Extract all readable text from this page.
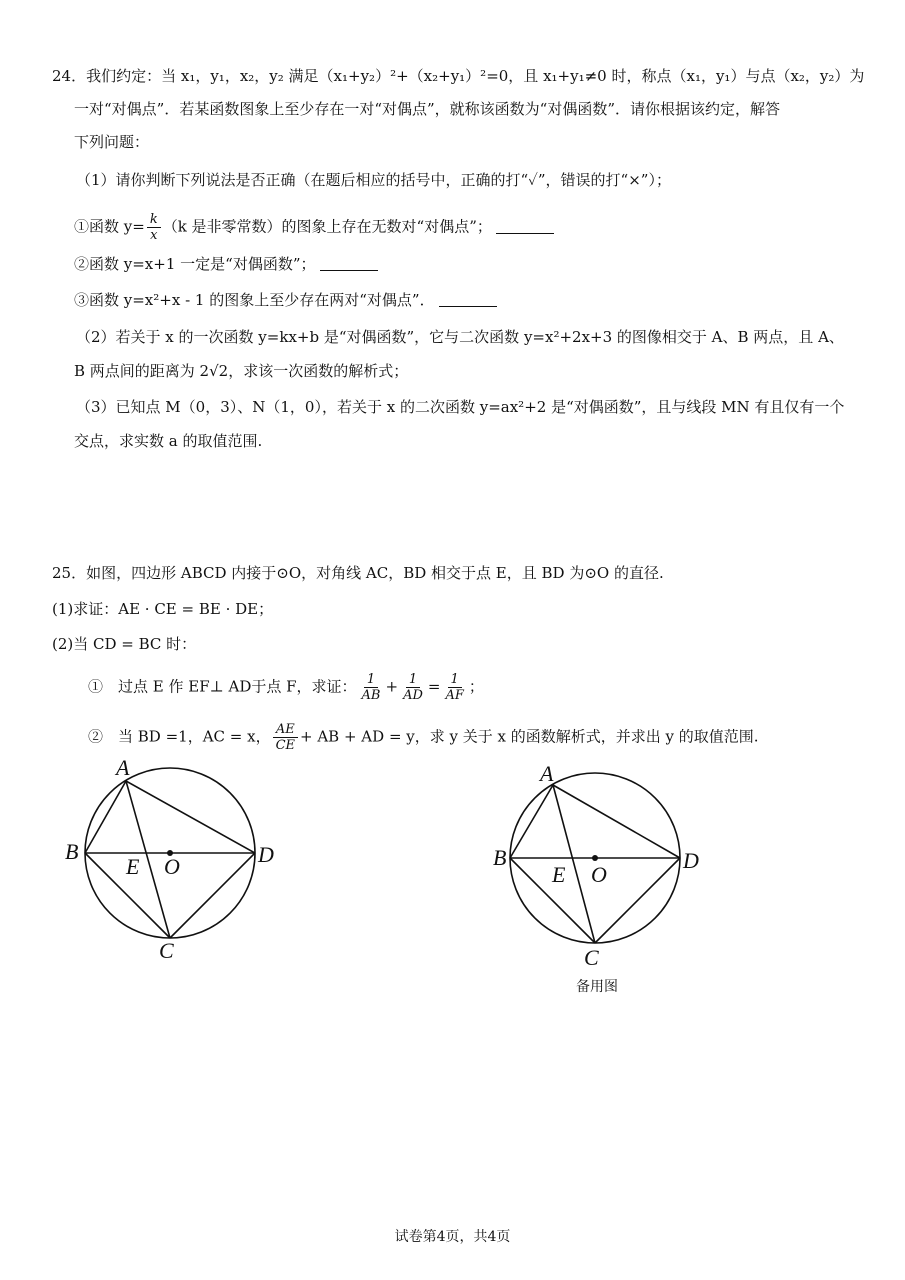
24．我们约定：当 x₁，y₁，x₂，y₂ 满足（x₁+y₂）²+（x₂+y₁）²=0，且 x₁+y₁≠0 时，称点（x₁，y₁）与点（x₂，y₂）为
一对“对偶点”．若某函数图象上至少存在一对“对偶点”，就称该函数为“对偶函数”．请你根据该约定，解答
下列问题：
（1）请你判断下列说法是否正确（在题后相应的括号中，正确的打“✓”，错误的打“×”）；
①函数 $y= \frac{k}{x} (k$ 是非零常数）的图象上存在无数对“对偶点”；
②函数 y=x+1 一定是“对偶函数”；
③函数 y=x²+x - 1 的图象上至少存在两对“对偶点”．
（2）若关于 x 的一次函数 y=kx+b 是“对偶函数”，它与二次函数 y=x²+2x+3 的图像相交于 A、B 两点，且 A、
B 两点间的距离为 2√2，求该一次函数的解析式；
（3）已知点 M（0，3）、N（1，0），若关于 x 的二次函数 y=ax²+2 是“对偶函数”，且与线段 MN 有且仅有一个
交点，求实数 a 的取值范围.
25．如图，四边形 ABCD 内接于⊙O，对角线 AC，BD 相交于点 E，且 BD 为⊙O 的直径.
(1)求证：AE · CE = BE · DE；
(2)当 CD = BC 时：
①　过点 E 作 EF⊥ AD于点 F，求证： $\frac{1}{AB} + \frac{1}{AD} = \frac{1}{AF}$ ；
②　当 BD =1，AC = x， $\frac{AE}{CE}$ + AB + AD = y，求 y 关于 x 的函数解析式，并求出 y 的取值范围.
A
B	D
E O
C
A
B	D
E O
C
备用图
试卷第4页，共4页
